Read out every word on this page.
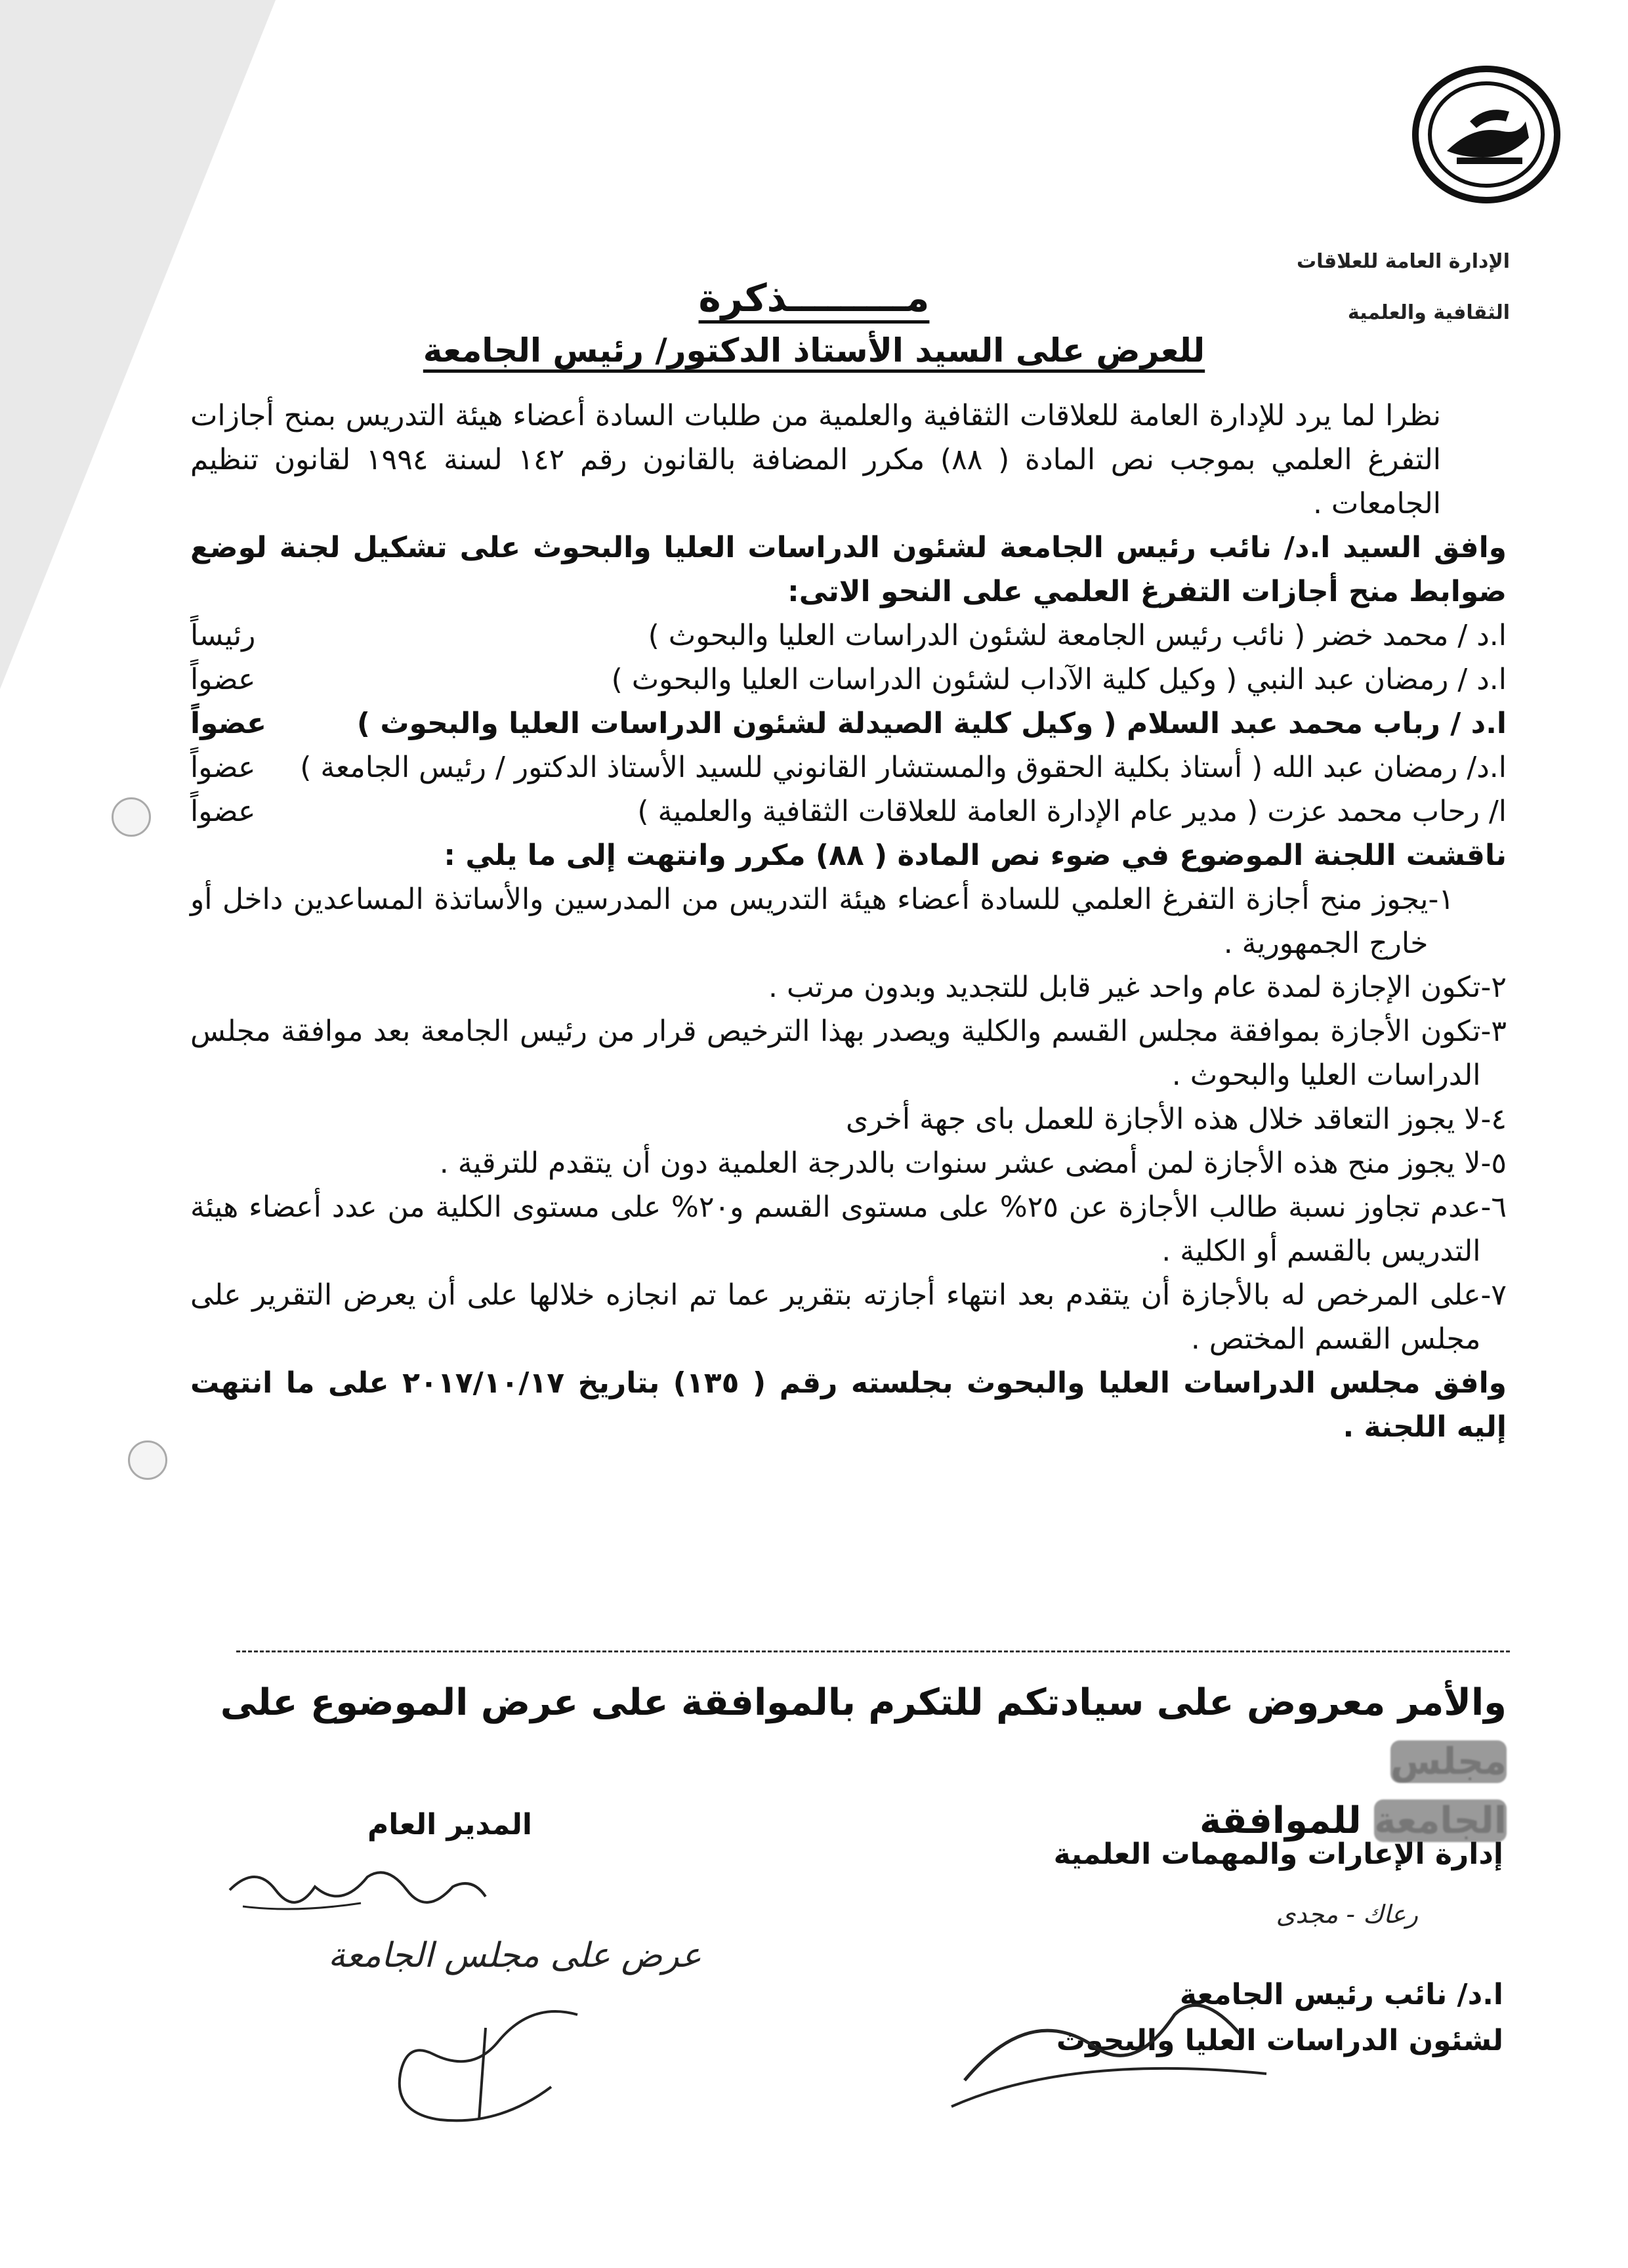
الإدارة العامة للعلاقات
الثقافية والعلمية
مـــــــــذكرة
للعرض على السيد الأستاذ الدكتور/ رئيس الجامعة

نظرا لما يرد للإدارة العامة للعلاقات الثقافية والعلمية من طلبات السادة أعضاء هيئة التدريس بمنح أجازات التفرغ العلمي بموجب نص المادة ( ٨٨) مكرر المضافة بالقانون رقم ١٤٢ لسنة ١٩٩٤ لقانون تنظيم الجامعات .

وافق السيد ا.د/ نائب رئيس الجامعة لشئون الدراسات العليا والبحوث على تشكيل لجنة لوضع ضوابط منح أجازات التفرغ العلمي على النحو الاتى:

ا.د / محمد خضر ( نائب رئيس الجامعة لشئون الدراسات العليا والبحوث )
رئيساً
ا.د / رمضان عبد النبي ( وكيل كلية الآداب لشئون الدراسات العليا والبحوث )
عضواً
ا.د / رباب محمد عبد السلام ( وكيل كلية الصيدلة لشئون الدراسات العليا والبحوث )
عضواً
ا.د/ رمضان عبد الله ( أستاذ بكلية الحقوق والمستشار القانوني للسيد الأستاذ الدكتور / رئيس الجامعة )
عضواً
ا/ رحاب محمد عزت ( مدير عام الإدارة العامة للعلاقات الثقافية والعلمية )
عضواً

ناقشت اللجنة الموضوع في ضوء نص المادة ( ٨٨) مكرر وانتهت إلى ما يلي :

١-
يجوز منح أجازة التفرغ العلمي للسادة أعضاء هيئة التدريس من المدرسين والأساتذة المساعدين داخل أو خارج الجمهورية .
٢-
تكون الإجازة لمدة عام واحد غير قابل للتجديد وبدون مرتب .
٣-
تكون الأجازة بموافقة مجلس القسم والكلية ويصدر بهذا الترخيص قرار من رئيس الجامعة بعد موافقة مجلس الدراسات العليا والبحوث .
٤-
لا يجوز التعاقد خلال هذه الأجازة للعمل باى جهة أخرى
٥-
لا يجوز منح هذه الأجازة لمن أمضى عشر سنوات بالدرجة العلمية دون أن يتقدم للترقية .
٦-
عدم تجاوز نسبة طالب الأجازة عن ٢٥% على مستوى القسم و٢٠% على مستوى الكلية من عدد أعضاء هيئة التدريس بالقسم أو الكلية .
٧-
على المرخص له بالأجازة أن يتقدم بعد انتهاء أجازته بتقرير عما تم انجازه خلالها على أن يعرض التقرير على مجلس القسم المختص .

وافق مجلس الدراسات العليا والبحوث بجلسته رقم ( ١٣٥) بتاريخ ٢٠١٧/١٠/١٧ على ما انتهت إليه اللجنة .

والأمر معروض على سيادتكم للتكرم بالموافقة على عرض الموضوع على مجلس
الجامعة للموافقة
المدير العام
إدارة الإعارات والمهمات العلمية
رعاك - مجدى
ا.د/ نائب رئيس الجامعة
لشئون الدراسات العليا والبحوث
عرض على مجلس الجامعة
